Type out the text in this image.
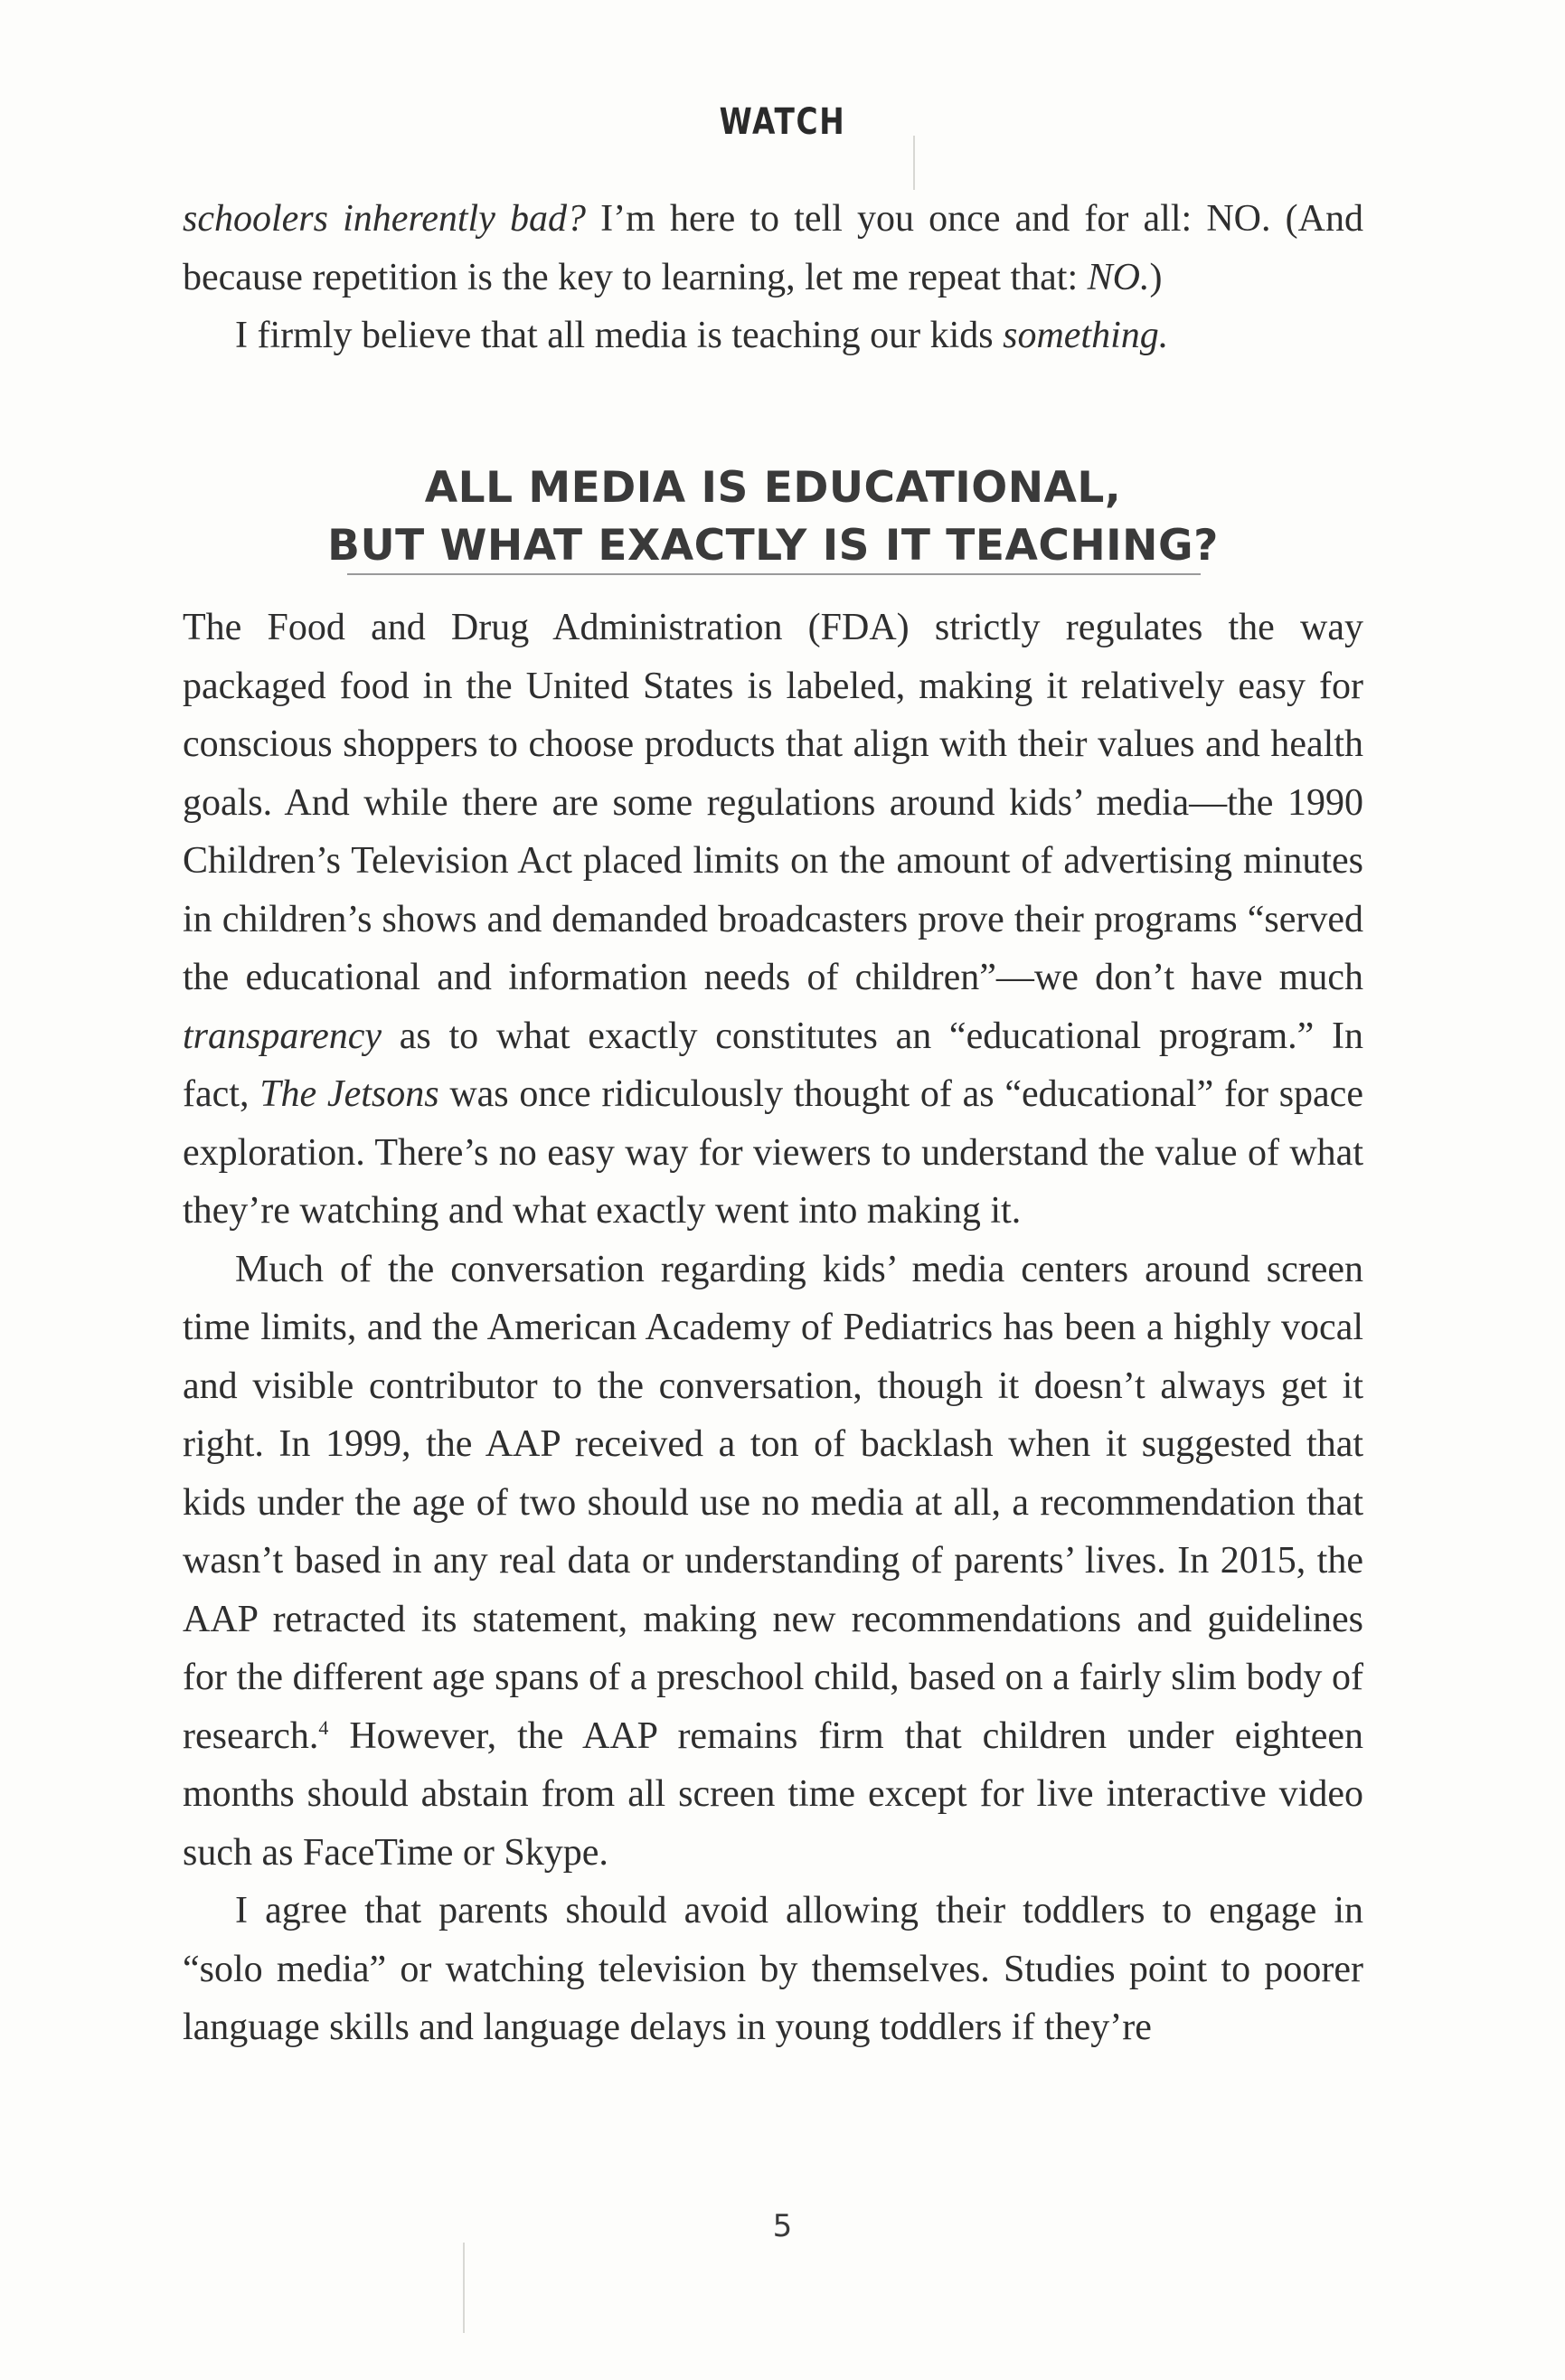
WATCH

schoolers inherently bad? I’m here to tell you once and for all: NO. (And because repetition is the key to learning, let me repeat that: NO.)

I firmly believe that all media is teaching our kids something.

ALL MEDIA IS EDUCATIONAL,
BUT WHAT EXACTLY IS IT TEACHING?

The Food and Drug Administration (FDA) strictly regulates the way packaged food in the United States is labeled, making it relatively easy for conscious shoppers to choose products that align with their values and health goals. And while there are some regulations around kids’ media—the 1990 Children’s Television Act placed limits on the amount of advertising minutes in children’s shows and demanded broadcasters prove their programs “served the educational and information needs of children”—we don’t have much transparency as to what exactly constitutes an “educational program.” In fact, The Jetsons was once ridiculously thought of as “educational” for space exploration. There’s no easy way for viewers to understand the value of what they’re watching and what exactly went into making it.

Much of the conversation regarding kids’ media centers around screen time limits, and the American Academy of Pediatrics has been a highly vocal and visible contributor to the conversation, though it doesn’t always get it right. In 1999, the AAP received a ton of backlash when it suggested that kids under the age of two should use no media at all, a recommendation that wasn’t based in any real data or understanding of parents’ lives. In 2015, the AAP retracted its statement, making new recommendations and guidelines for the different age spans of a preschool child, based on a fairly slim body of research.$^4$ However, the AAP remains firm that children under eighteen months should abstain from all screen time except for live interactive video such as FaceTime or Skype.

I agree that parents should avoid allowing their toddlers to engage in “solo media” or watching television by themselves. Studies point to poorer language skills and language delays in young toddlers if they’re

5
